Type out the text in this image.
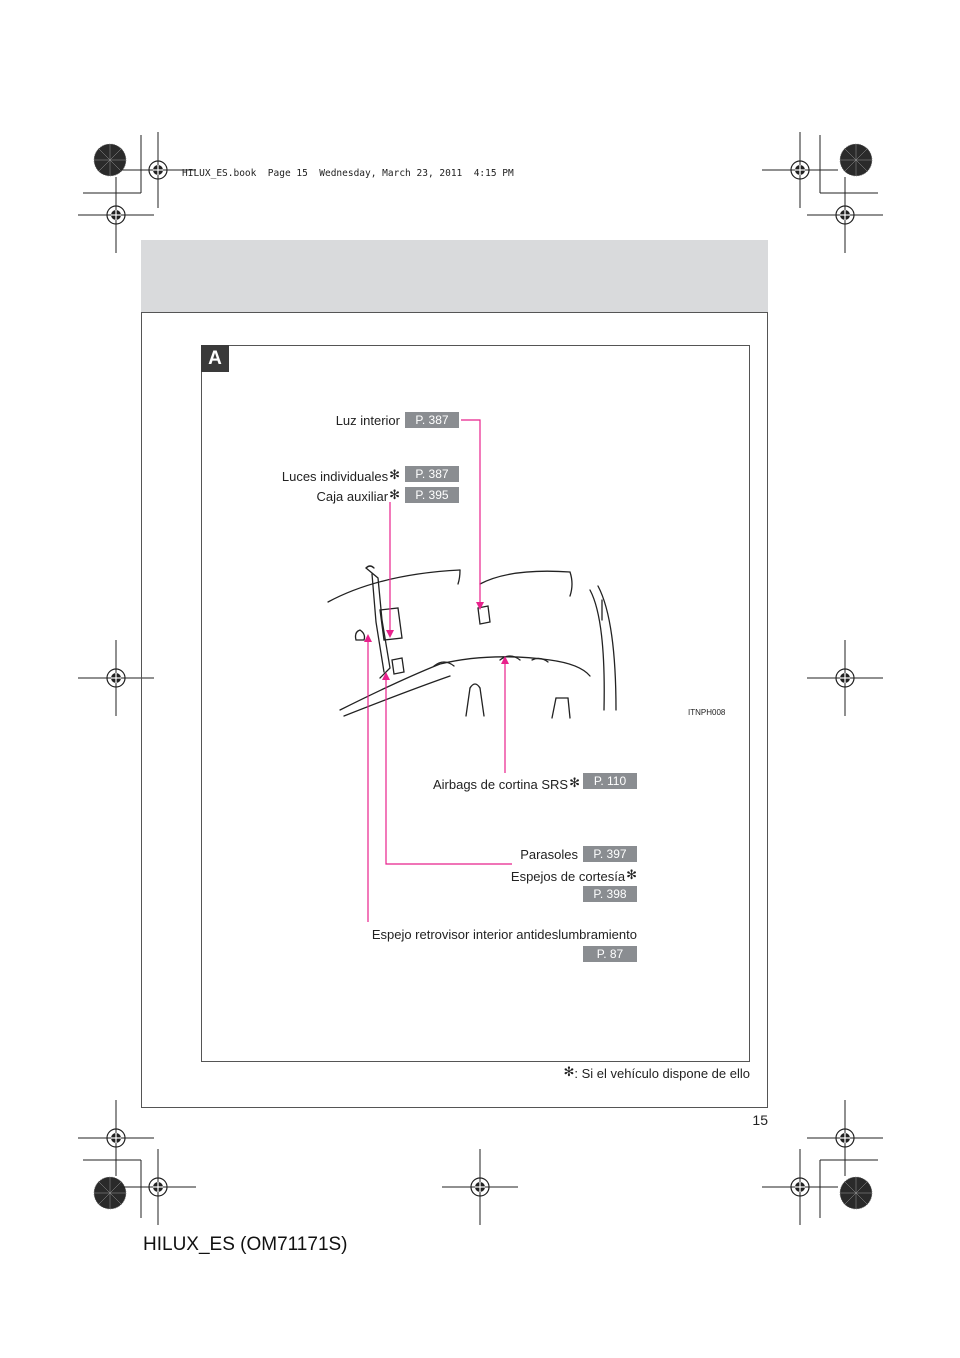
HILUX_ES.book  Page 15  Wednesday, March 23, 2011  4:15 PM
A
ITNPH008
Luz interior	P. 387
Luces individuales✻	P. 387
Caja auxiliar✻	P. 395
Airbags de cortina SRS✻	P. 110
Parasoles	P. 397
Espejos de cortesía✻
P. 398
Espejo retrovisor interior antideslumbramiento
P. 87
✻: Si el vehículo dispone de ello
15
HILUX_ES (OM71171S)
